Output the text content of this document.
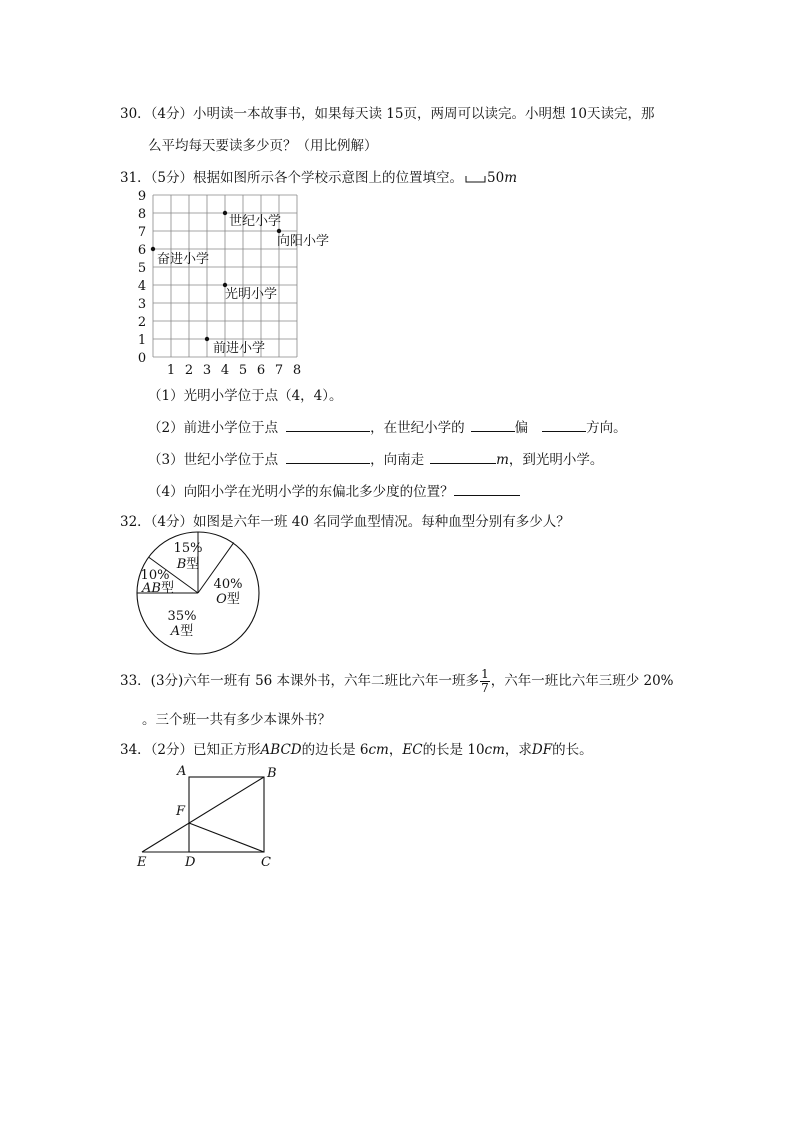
30．（4分）小明读一本故事书，如果每天读 15页，两周可以读完。小明想 10天读完，那
么平均每天要读多少页？（用比例解）
31．（5分）根据如图所示各个学校示意图上的位置填空。 50m
9
8
7
6
5
4
3
2
1
0
1 2 3 4 5 6 7 8
世纪小学
向阳小学
奋进小学
光明小学
前进小学
（1）光明小学位于点（4，4）。
（2）前进小学位于点	，在世纪小学的	偏	方向。
（3）世纪小学位于点	，向南走	m，到光明小学。
（4）向阳小学在光明小学的东偏北多少度的位置？
32．（4分）如图是六年一班 40 名同学血型情况。每种血型分别有多少人？
15%
B型
40%
O型
35%
A型
10%
AB型
33．(3分)六年一班有 56 本课外书，六年二班比六年一班多 $\frac{1}{7}$ ，六年一班比六年三班少 20%
。三个班一共有多少本课外书？
34．（2分）已知正方形ABCD的边长是 6cm，EC的长是 10cm，求DF的长。
A	B
F
E	D	C
